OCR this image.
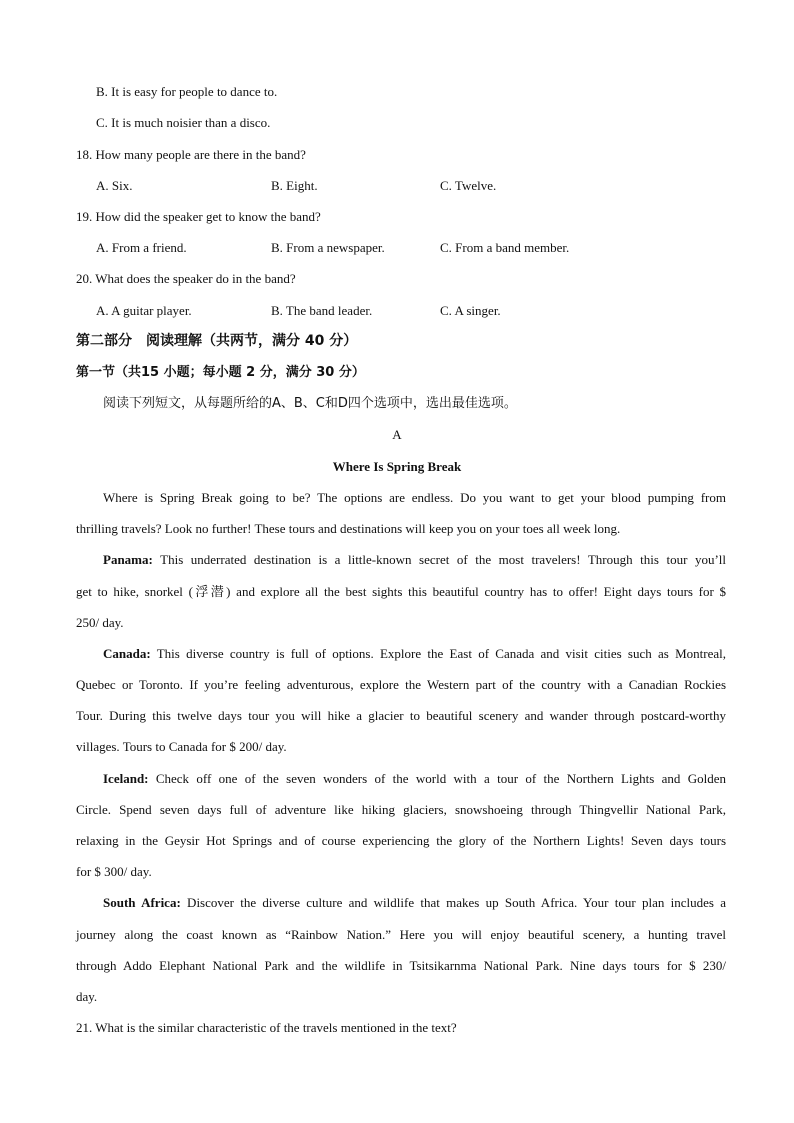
B. It is easy for people to dance to.
C. It is much noisier than a disco.
18. How many people are there in the band?
A. Six.	B. Eight.	C. Twelve.
19. How did the speaker get to know the band?
A. From a friend.	B. From a newspaper.	C. From a band member.
20. What does the speaker do in the band?
A. A guitar player.	B. The band leader.	C. A singer.
第二部分　阅读理解（共两节，满分 40 分）
第一节（共15 小题；每小题 2 分，满分 30 分）
阅读下列短文，从每题所给的A、B、C和D四个选项中，选出最佳选项。
A
Where Is Spring Break
Where is Spring Break going to be? The options are endless. Do you want to get your blood pumping from
thrilling travels? Look no further! These tours and destinations will keep you on your toes all week long.
Panama: This underrated destination is a little-known secret of the most travelers! Through this tour you’ll
get to hike, snorkel (浮潜) and explore all the best sights this beautiful country has to offer! Eight days tours for $
250/ day.
Canada: This diverse country is full of options. Explore the East of Canada and visit cities such as Montreal,
Quebec or Toronto. If you’re feeling adventurous, explore the Western part of the country with a Canadian Rockies
Tour. During this twelve days tour you will hike a glacier to beautiful scenery and wander through postcard-worthy
villages. Tours to Canada for $ 200/ day.
Iceland: Check off one of the seven wonders of the world with a tour of the Northern Lights and Golden
Circle. Spend seven days full of adventure like hiking glaciers, snowshoeing through Thingvellir National Park,
relaxing in the Geysir Hot Springs and of course experiencing the glory of the Northern Lights! Seven days tours
for $ 300/ day.
South Africa: Discover the diverse culture and wildlife that makes up South Africa. Your tour plan includes a
journey along the coast known as “Rainbow Nation.” Here you will enjoy beautiful scenery, a hunting travel
through Addo Elephant National Park and the wildlife in Tsitsikarnma National Park. Nine days tours for $ 230/
day.
21. What is the similar characteristic of the travels mentioned in the text?
